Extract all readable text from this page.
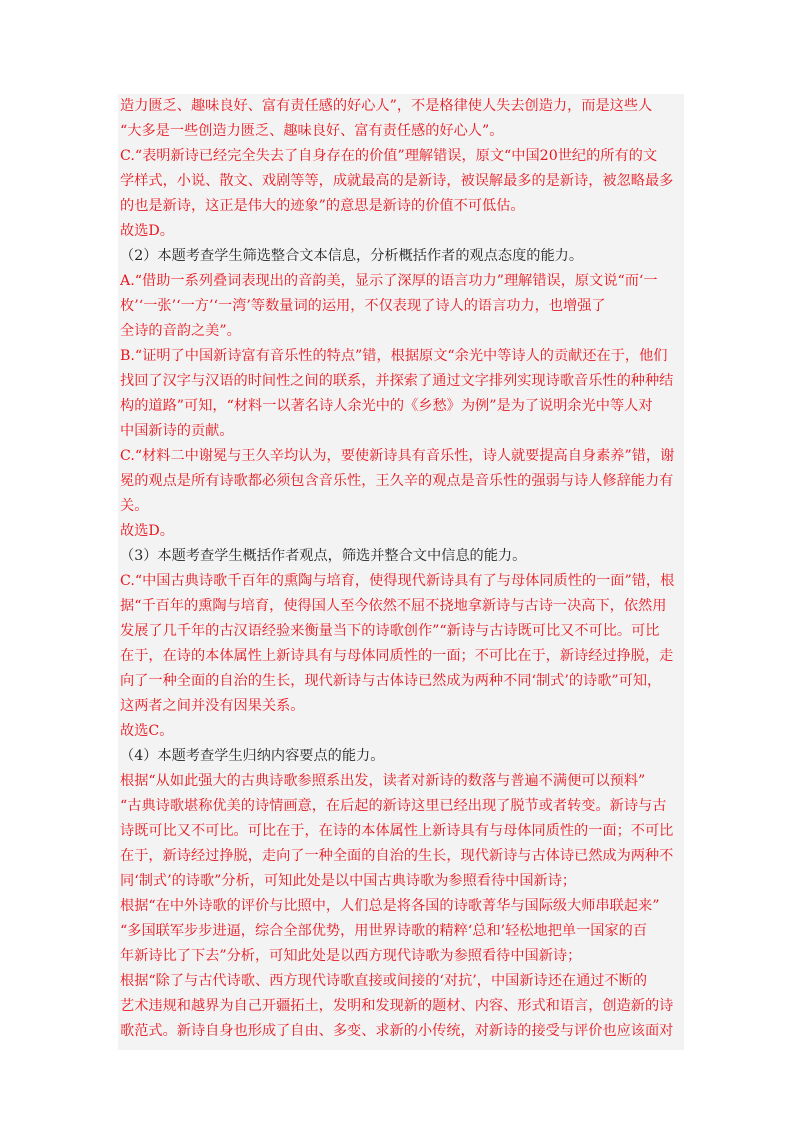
造力匮乏、趣味良好、富有责任感的好心人”，不是格律使人失去创造力，而是这些人
“大多是一些创造力匮乏、趣味良好、富有责任感的好心人”。
C.“表明新诗已经完全失去了自身存在的价值”理解错误，原文“中国20世纪的所有的文
学样式，小说、散文、戏剧等等，成就最高的是新诗，被误解最多的是新诗，被忽略最多
的也是新诗，这正是伟大的迹象”的意思是新诗的价值不可低估。
故选D。
（2）本题考查学生筛选整合文本信息，分析概括作者的观点态度的能力。
A.“借助一系列叠词表现出的音韵美，显示了深厚的语言功力”理解错误，原文说“而‘一
枚’‘一张’‘一方’‘一湾’等数量词的运用，不仅表现了诗人的语言功力，也增强了
全诗的音韵之美”。
B.“证明了中国新诗富有音乐性的特点”错，根据原文“余光中等诗人的贡献还在于，他们
找回了汉字与汉语的时间性之间的联系，并探索了通过文字排列实现诗歌音乐性的种种结
构的道路”可知，“材料一以著名诗人余光中的《乡愁》为例”是为了说明余光中等人对
中国新诗的贡献。
C.“材料二中谢冕与王久辛均认为，要使新诗具有音乐性，诗人就要提高自身素养”错，谢
冕的观点是所有诗歌都必须包含音乐性，王久辛的观点是音乐性的强弱与诗人修辞能力有
关。
故选D。
（3）本题考查学生概括作者观点，筛选并整合文中信息的能力。
C.“中国古典诗歌千百年的熏陶与培育，使得现代新诗具有了与母体同质性的一面”错，根
据“千百年的熏陶与培育，使得国人至今依然不屈不挠地拿新诗与古诗一决高下，依然用
发展了几千年的古汉语经验来衡量当下的诗歌创作”“新诗与古诗既可比又不可比。可比
在于，在诗的本体属性上新诗具有与母体同质性的一面；不可比在于，新诗经过挣脱，走
向了一种全面的自治的生长，现代新诗与古体诗已然成为两种不同‘制式’的诗歌”可知，
这两者之间并没有因果关系。
故选C。
（4）本题考查学生归纳内容要点的能力。
根据“从如此强大的古典诗歌参照系出发，读者对新诗的数落与普遍不满便可以预料”
“古典诗歌堪称优美的诗情画意，在后起的新诗这里已经出现了脱节或者转变。新诗与古
诗既可比又不可比。可比在于，在诗的本体属性上新诗具有与母体同质性的一面；不可比
在于，新诗经过挣脱，走向了一种全面的自治的生长，现代新诗与古体诗已然成为两种不
同‘制式’的诗歌”分析，可知此处是以中国古典诗歌为参照看待中国新诗；
根据“在中外诗歌的评价与比照中，人们总是将各国的诗歌菁华与国际级大师串联起来”
“多国联军步步进逼，综合全部优势，用世界诗歌的精粹‘总和’轻松地把单一国家的百
年新诗比了下去”分析，可知此处是以西方现代诗歌为参照看待中国新诗；
根据“除了与古代诗歌、西方现代诗歌直接或间接的‘对抗’，中国新诗还在通过不断的
艺术违规和越界为自己开疆拓土，发明和发现新的题材、内容、形式和语言，创造新的诗
歌范式。新诗自身也形成了自由、多变、求新的小传统，对新诗的接受与评价也应该面对
